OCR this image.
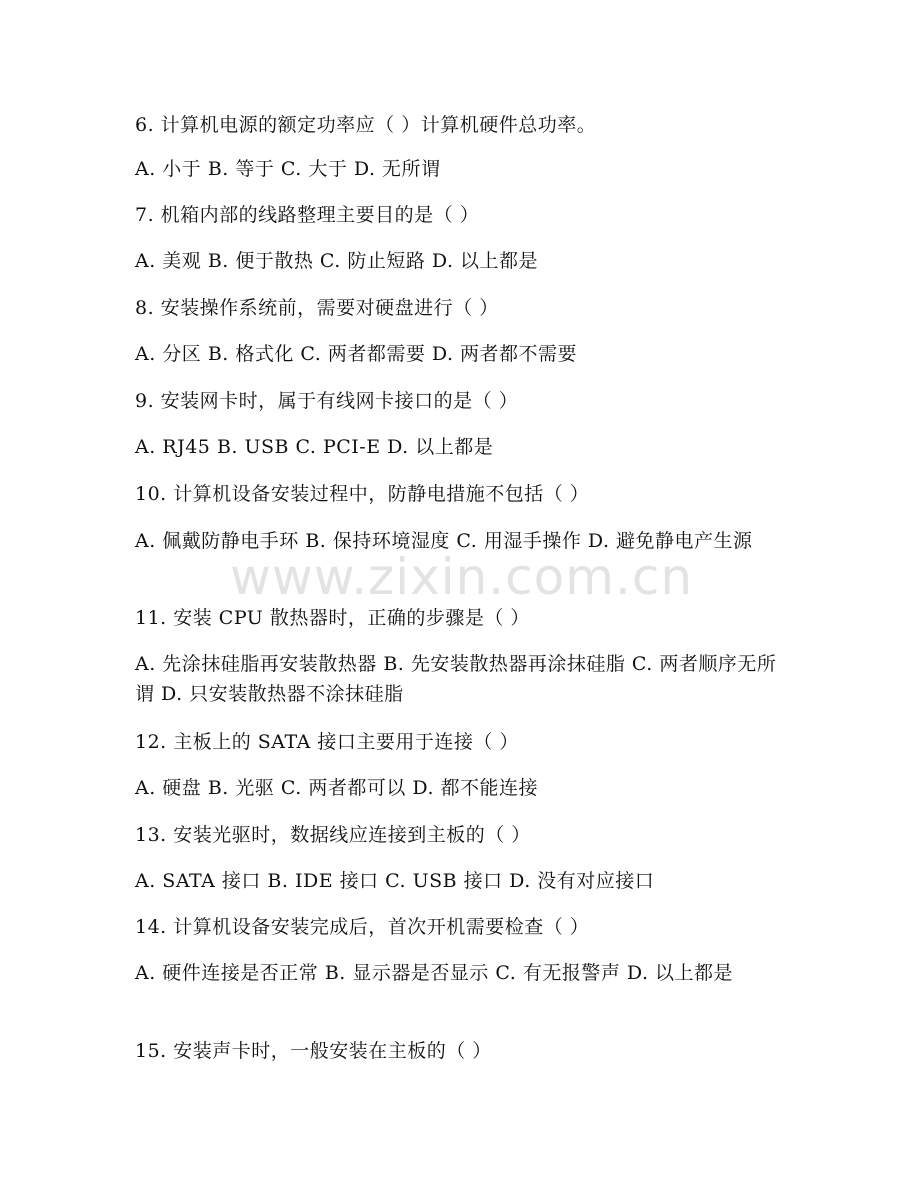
6. 计算机电源的额定功率应（ ）计算机硬件总功率。
A. 小于 B. 等于 C. 大于 D. 无所谓
7. 机箱内部的线路整理主要目的是（ ）
A. 美观 B. 便于散热 C. 防止短路 D. 以上都是
8. 安装操作系统前，需要对硬盘进行（ ）
A. 分区 B. 格式化 C. 两者都需要 D. 两者都不需要
9. 安装网卡时，属于有线网卡接口的是（ ）
A. RJ45 B. USB C. PCI-E D. 以上都是
10. 计算机设备安装过程中，防静电措施不包括（ ）
A. 佩戴防静电手环 B. 保持环境湿度 C. 用湿手操作 D. 避免静电产生源
11. 安装 CPU 散热器时，正确的步骤是（ ）
A. 先涂抹硅脂再安装散热器 B. 先安装散热器再涂抹硅脂 C. 两者顺序无所谓 D. 只安装散热器不涂抹硅脂
12. 主板上的 SATA 接口主要用于连接（ ）
A. 硬盘 B. 光驱 C. 两者都可以 D. 都不能连接
13. 安装光驱时，数据线应连接到主板的（ ）
A. SATA 接口 B. IDE 接口 C. USB 接口 D. 没有对应接口
14. 计算机设备安装完成后，首次开机需要检查（ ）
A. 硬件连接是否正常 B. 显示器是否显示 C. 有无报警声 D. 以上都是
15. 安装声卡时，一般安装在主板的（ ）
www.zixin.com.cn
